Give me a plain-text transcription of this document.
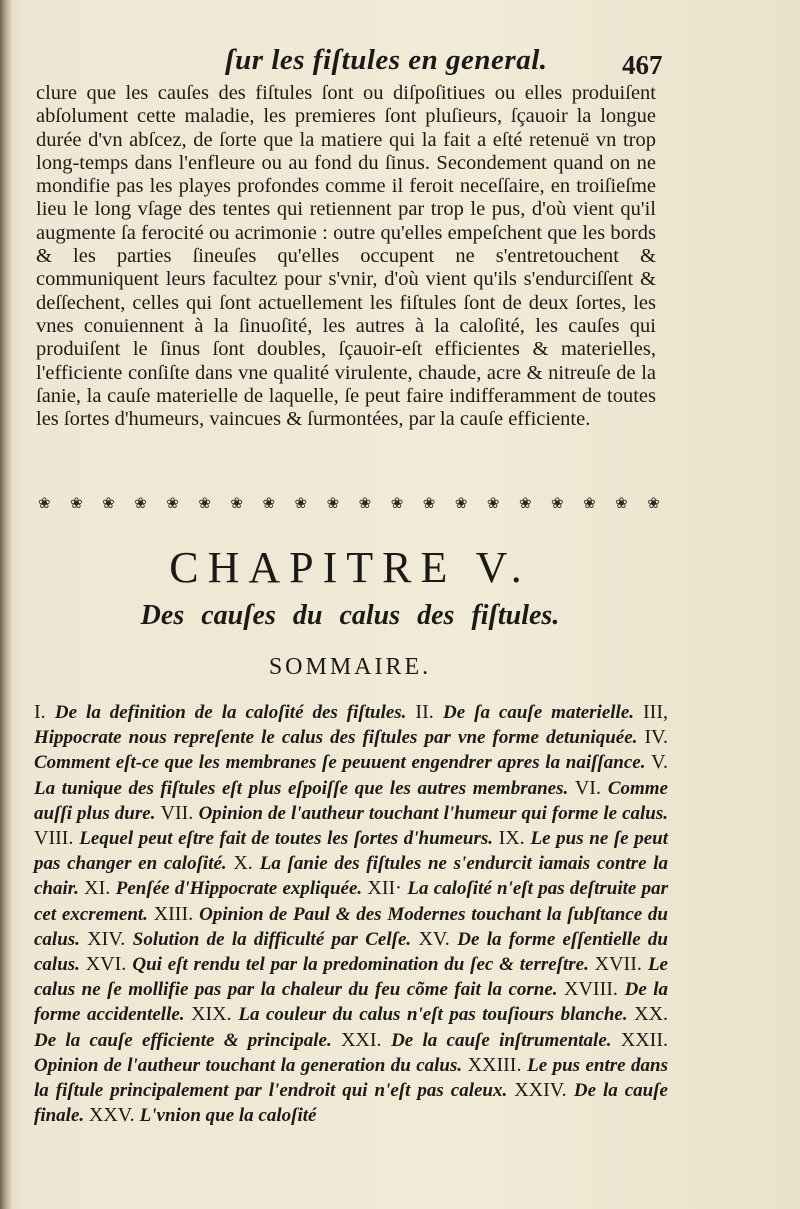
ſur les fiſtules en general.	467

clure que les cauſes des fiſtules ſont ou diſpoſitiues ou elles produiſent abſolument cette maladie, les premieres ſont pluſieurs, ſçauoir la longue durée d'vn abſcez, de ſorte que la matiere qui la fait a eſté retenuë vn trop long-temps dans l'enfleure ou au fond du ſinus. Secondement quand on ne mondifie pas les playes profondes comme il feroit neceſſaire, en troiſieſme lieu le long vſage des tentes qui retiennent par trop le pus, d'où vient qu'il augmente ſa ferocité ou acrimonie : outre qu'elles empeſchent que les bords & les parties ſineuſes qu'elles occupent ne s'entretouchent & communiquent leurs facultez pour s'vnir, d'où vient qu'ils s'endurciſſent & deſſechent, celles qui ſont actuellement les fiſtules ſont de deux ſortes, les vnes conuiennent à la ſinuoſité, les autres à la caloſité, les cauſes qui produiſent le ſinus ſont doubles, ſçauoir-eſt efficientes & materielles, l'efficiente conſiſte dans vne qualité virulente, chaude, acre & nitreuſe de la ſanie, la cauſe materielle de laquelle, ſe peut faire indifferamment de toutes les ſortes d'humeurs, vaincues & ſurmontées, par la cauſe efficiente.

❀ ❀ ❀ ❀ ❀ ❀ ❀ ❀ ❀ ❀ ❀ ❀ ❀ ❀ ❀ ❀ ❀ ❀ ❀ ❀
CHAPITRE V.
Des cauſes du calus des fiſtules.
SOMMAIRE.

I. De la definition de la caloſité des fiſtules. II. De ſa cauſe materielle. III, Hippocrate nous repreſente le calus des fiſtules par vne forme detuniquée. IV. Comment eſt-ce que les membranes ſe peuuent engendrer apres la naiſſance. V. La tunique des fiſtules eſt plus eſpoiſſe que les autres membranes. VI. Comme auſſi plus dure. VII. Opinion de l'autheur touchant l'humeur qui forme le calus. VIII. Lequel peut eſtre fait de toutes les ſortes d'humeurs. IX. Le pus ne ſe peut pas changer en caloſité. X. La ſanie des fiſtules ne s'endurcit iamais contre la chair. XI. Penſée d'Hippocrate expliquée. XII· La caloſité n'eſt pas deſtruite par cet excrement. XIII. Opinion de Paul & des Modernes touchant la ſubſtance du calus. XIV. Solution de la difficulté par Celſe. XV. De la forme eſſentielle du calus. XVI. Qui eſt rendu tel par la predomination du ſec & terreſtre. XVII. Le calus ne ſe mollifie pas par la chaleur du feu cõme fait la corne. XVIII. De la forme accidentelle. XIX. La couleur du calus n'eſt pas touſiours blanche. XX. De la cauſe efficiente & principale. XXI. De la cauſe inſtrumentale. XXII. Opinion de l'autheur touchant la generation du calus. XXIII. Le pus entre dans la fiſtule principalement par l'endroit qui n'eſt pas caleux. XXIV. De la cauſe finale. XXV. L'vnion que la caloſité
